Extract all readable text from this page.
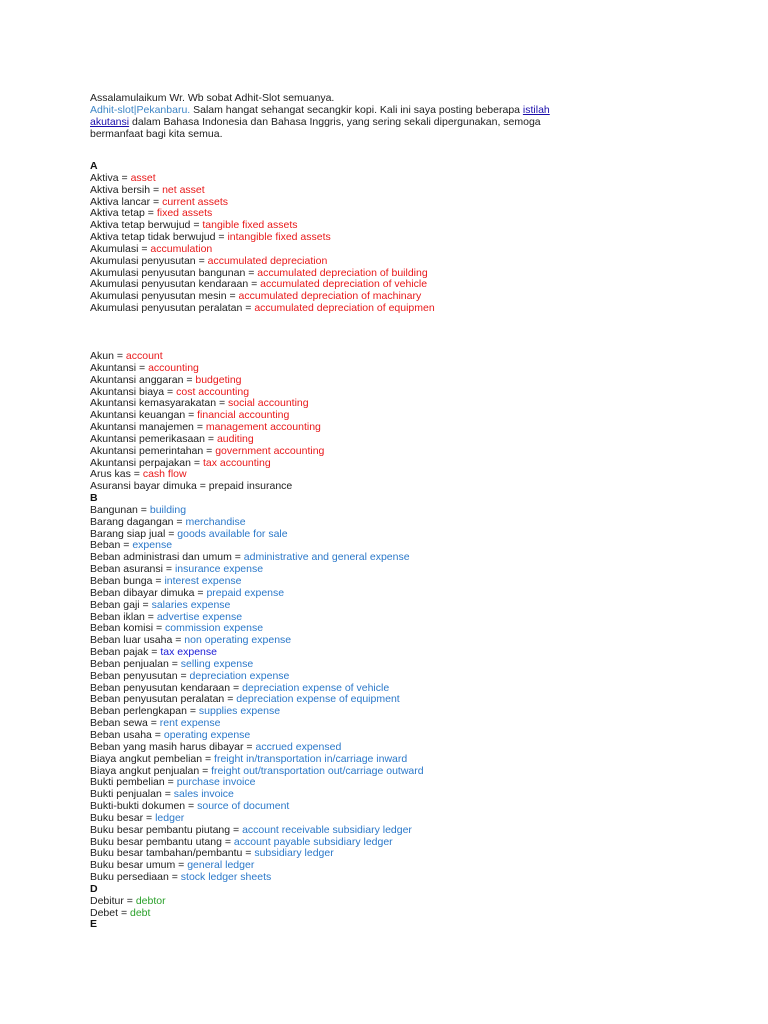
Assalamulaikum Wr. Wb sobat Adhit-Slot semuanya.

Adhit-slot|Pekanbaru. Salam hangat sehangat secangkir kopi. Kali ini saya posting beberapa istilah akutansi dalam Bahasa Indonesia dan Bahasa Inggris, yang sering sekali dipergunakan, semoga bermanfaat bagi kita semua.

A
Aktiva = asset
Aktiva bersih = net asset
Aktiva lancar = current assets
Aktiva tetap = fixed assets
Aktiva tetap berwujud = tangible fixed assets
Aktiva tetap tidak berwujud = intangible fixed assets
Akumulasi = accumulation
Akumulasi penyusutan = accumulated depreciation
Akumulasi penyusutan bangunan = accumulated depreciation of building
Akumulasi penyusutan kendaraan = accumulated depreciation of vehicle
Akumulasi penyusutan mesin = accumulated depreciation of machinary
Akumulasi penyusutan peralatan = accumulated depreciation of equipmen
Akun = account
Akuntansi = accounting
Akuntansi anggaran = budgeting
Akuntansi biaya = cost accounting
Akuntansi kemasyarakatan = social accounting
Akuntansi keuangan = financial accounting
Akuntansi manajemen = management accounting
Akuntansi pemerikasaan = auditing
Akuntansi pemerintahan = government accounting
Akuntansi perpajakan = tax accounting
Arus kas = cash flow
Asuransi bayar dimuka = prepaid insurance
B
Bangunan = building
Barang dagangan = merchandise
Barang siap jual = goods available for sale
Beban = expense
Beban administrasi dan umum = administrative and general expense
Beban asuransi = insurance expense
Beban bunga = interest expense
Beban dibayar dimuka = prepaid expense
Beban gaji = salaries expense
Beban iklan = advertise expense
Beban komisi = commission expense
Beban luar usaha = non operating expense
Beban pajak = tax expense
Beban penjualan = selling expense
Beban penyusutan = depreciation expense
Beban penyusutan kendaraan = depreciation expense of vehicle
Beban penyusutan peralatan = depreciation expense of equipment
Beban perlengkapan = supplies expense
Beban sewa = rent expense
Beban usaha = operating expense
Beban yang masih harus dibayar = accrued expensed
Biaya angkut pembelian = freight in/transportation in/carriage inward
Biaya angkut penjualan = freight out/transportation out/carriage outward
Bukti pembelian = purchase invoice
Bukti penjualan = sales invoice
Bukti-bukti dokumen = source of document
Buku besar = ledger
Buku besar pembantu piutang = account receivable subsidiary ledger
Buku besar pembantu utang = account payable subsidiary ledger
Buku besar tambahan/pembantu = subsidiary ledger
Buku besar umum = general ledger
Buku persediaan = stock ledger sheets
D
Debitur = debtor
Debet = debt
E
